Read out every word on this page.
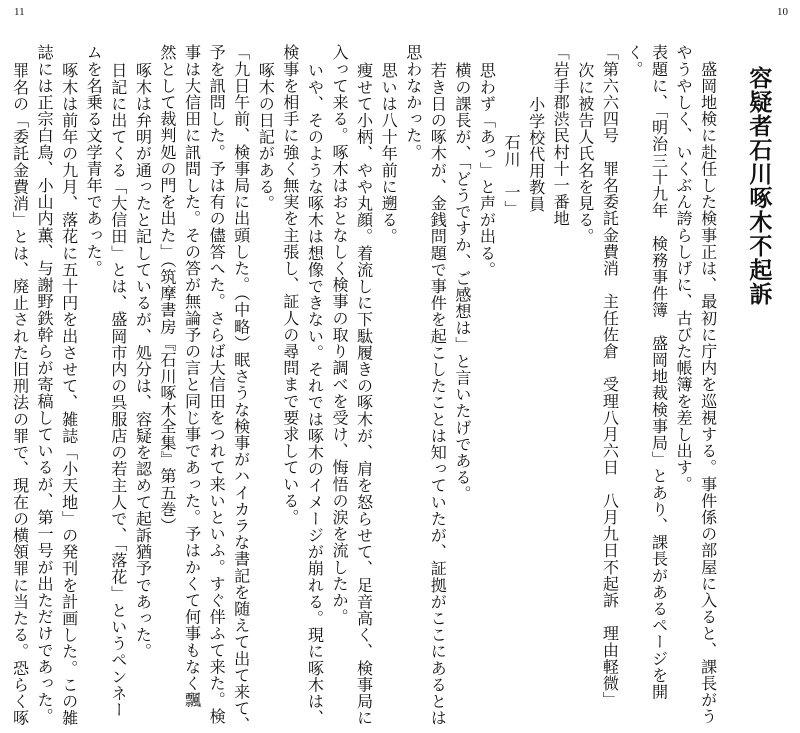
11	10
容疑者石川啄木不起訴
　盛岡地検に赴任した検事正は、最初に庁内を巡視する。事件係の部屋に入ると、課長がう
やうやしく、いくぶん誇らしげに、古びた帳簿を差し出す。
表題に、「明治三十九年　検務事件簿　盛岡地裁検事局」とあり、課長があるページを開
く。
「第六六四号　罪名委託金費消　主任佐倉　受理八月六日　八月九日不起訴　理由軽微」
次に被告人氏名を見る。
「岩手郡渋民村十一番地
小学校代用教員
石川　一」
思わず「あっ」と声が出る。
横の課長が、「どうですか、ご感想は」と言いたげである。
若き日の啄木が、金銭問題で事件を起こしたことは知っていたが、証拠がここにあるとは
思わなかった。
思いは八十年前に遡る。
痩せて小柄、やや丸顔。着流しに下駄履きの啄木が、肩を怒らせて、足音高く、検事局に
入って来る。啄木はおとなしく検事の取り調べを受け、悔悟の涙を流したか。
いや、そのような啄木は想像できない。それでは啄木のイメージが崩れる。現に啄木は、
検事を相手に強く無実を主張し、証人の尋問まで要求している。
啄木の日記がある。
「九日午前、検事局に出頭した。（中略）眠さうな検事がハイカラな書記を随えて出て来て、
予を訊問した。予は有の儘答へた。さらば大信田をつれて来いといふ。すぐ伴ふて来た。検
事は大信田に訊問した。その答が無論予の言と同じ事であった。予はかくて何事もなく飄
然として裁判処の門を出た」（筑摩書房『石川啄木全集』第五巻）
啄木は弁明が通ったと記しているが、処分は、容疑を認めて起訴猶予であった。
日記に出てくる「大信田」とは、盛岡市内の呉服店の若主人で、「落花」というペンネー
ムを名乗る文学青年であった。
啄木は前年の九月、落花に五十円を出させて、雑誌「小天地」の発刊を計画した。この雑
誌には正宗白鳥、小山内薫、与謝野鉄幹らが寄稿しているが、第一号が出ただけであった。
罪名の「委託金費消」とは、廃止された旧刑法の罪で、現在の横領罪に当たる。恐らく啄
